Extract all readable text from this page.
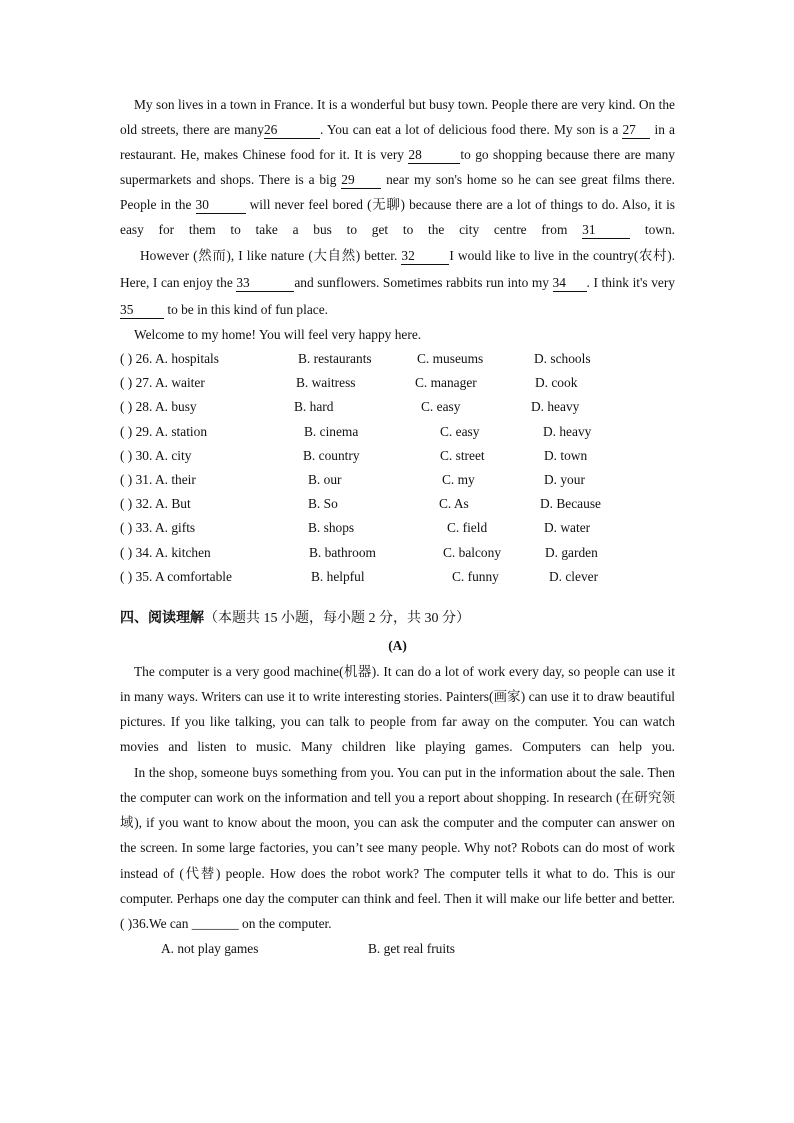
My son lives in a town in France. It is a wonderful but busy town. People there are very kind. On the old streets, there are many26	. You can eat a lot of delicious food there. My son is a 27 in a restaurant. He, makes Chinese food for it. It is very 28	to go shopping because there are many supermarkets and shops. There is a big 29 near my son's home so he can see great films there. People in the 30	will never feel bored (无聊) because there are a lot of things to do. Also, it is easy for them to take a bus to get to the city centre from 31	town.

However (然而), I like nature (大自然) better. 32	I would like to live in the country(农村). Here, I can enjoy the 33	and sunflowers. Sometimes rabbits run into my 34 . I think it's very 35 to be in this kind of fun place.

Welcome to my home! You will feel very happy here.

( ) 26. A. hospitals	B. restaurants	C. museums	D. schools
( ) 27. A. waiter	B. waitress	C. manager	D. cook
( ) 28. A. busy	B. hard	C. easy	D. heavy
( ) 29. A. station	B. cinema	C. easy	D. heavy
( ) 30. A. city	B. country	C. street	D. town
( ) 31. A. their	B. our	C. my	D. your
( ) 32. A. But	B. So	C. As	D. Because
( ) 33. A. gifts	B. shops	C. field	D. water
( ) 34. A. kitchen	B. bathroom	C. balcony	D. garden
( ) 35. A comfortable	B. helpful	C. funny	D. clever
四、阅读理解（本题共 15 小题，每小题 2 分，共 30 分）

(A)

The computer is a very good machine(机器). It can do a lot of work every day, so people can use it in many ways. Writers can use it to write interesting stories. Painters(画家) can use it to draw beautiful pictures. If you like talking, you can talk to people from far away on the computer. You can watch movies and listen to music. Many children like playing games. Computers can help you.

In the shop, someone buys something from you. You can put in the information about the sale. Then the computer can work on the information and tell you a report about shopping. In research (在研究领域), if you want to know about the moon, you can ask the computer and the computer can answer on the screen. In some large factories, you can’t see many people. Why not? Robots can do most of work instead of (代替) people. How does the robot work? The computer tells it what to do. This is our computer. Perhaps one day the computer can think and feel. Then it will make our life better and better.

( )36.We can _______ on the computer.
A. not play games	B. get real fruits
